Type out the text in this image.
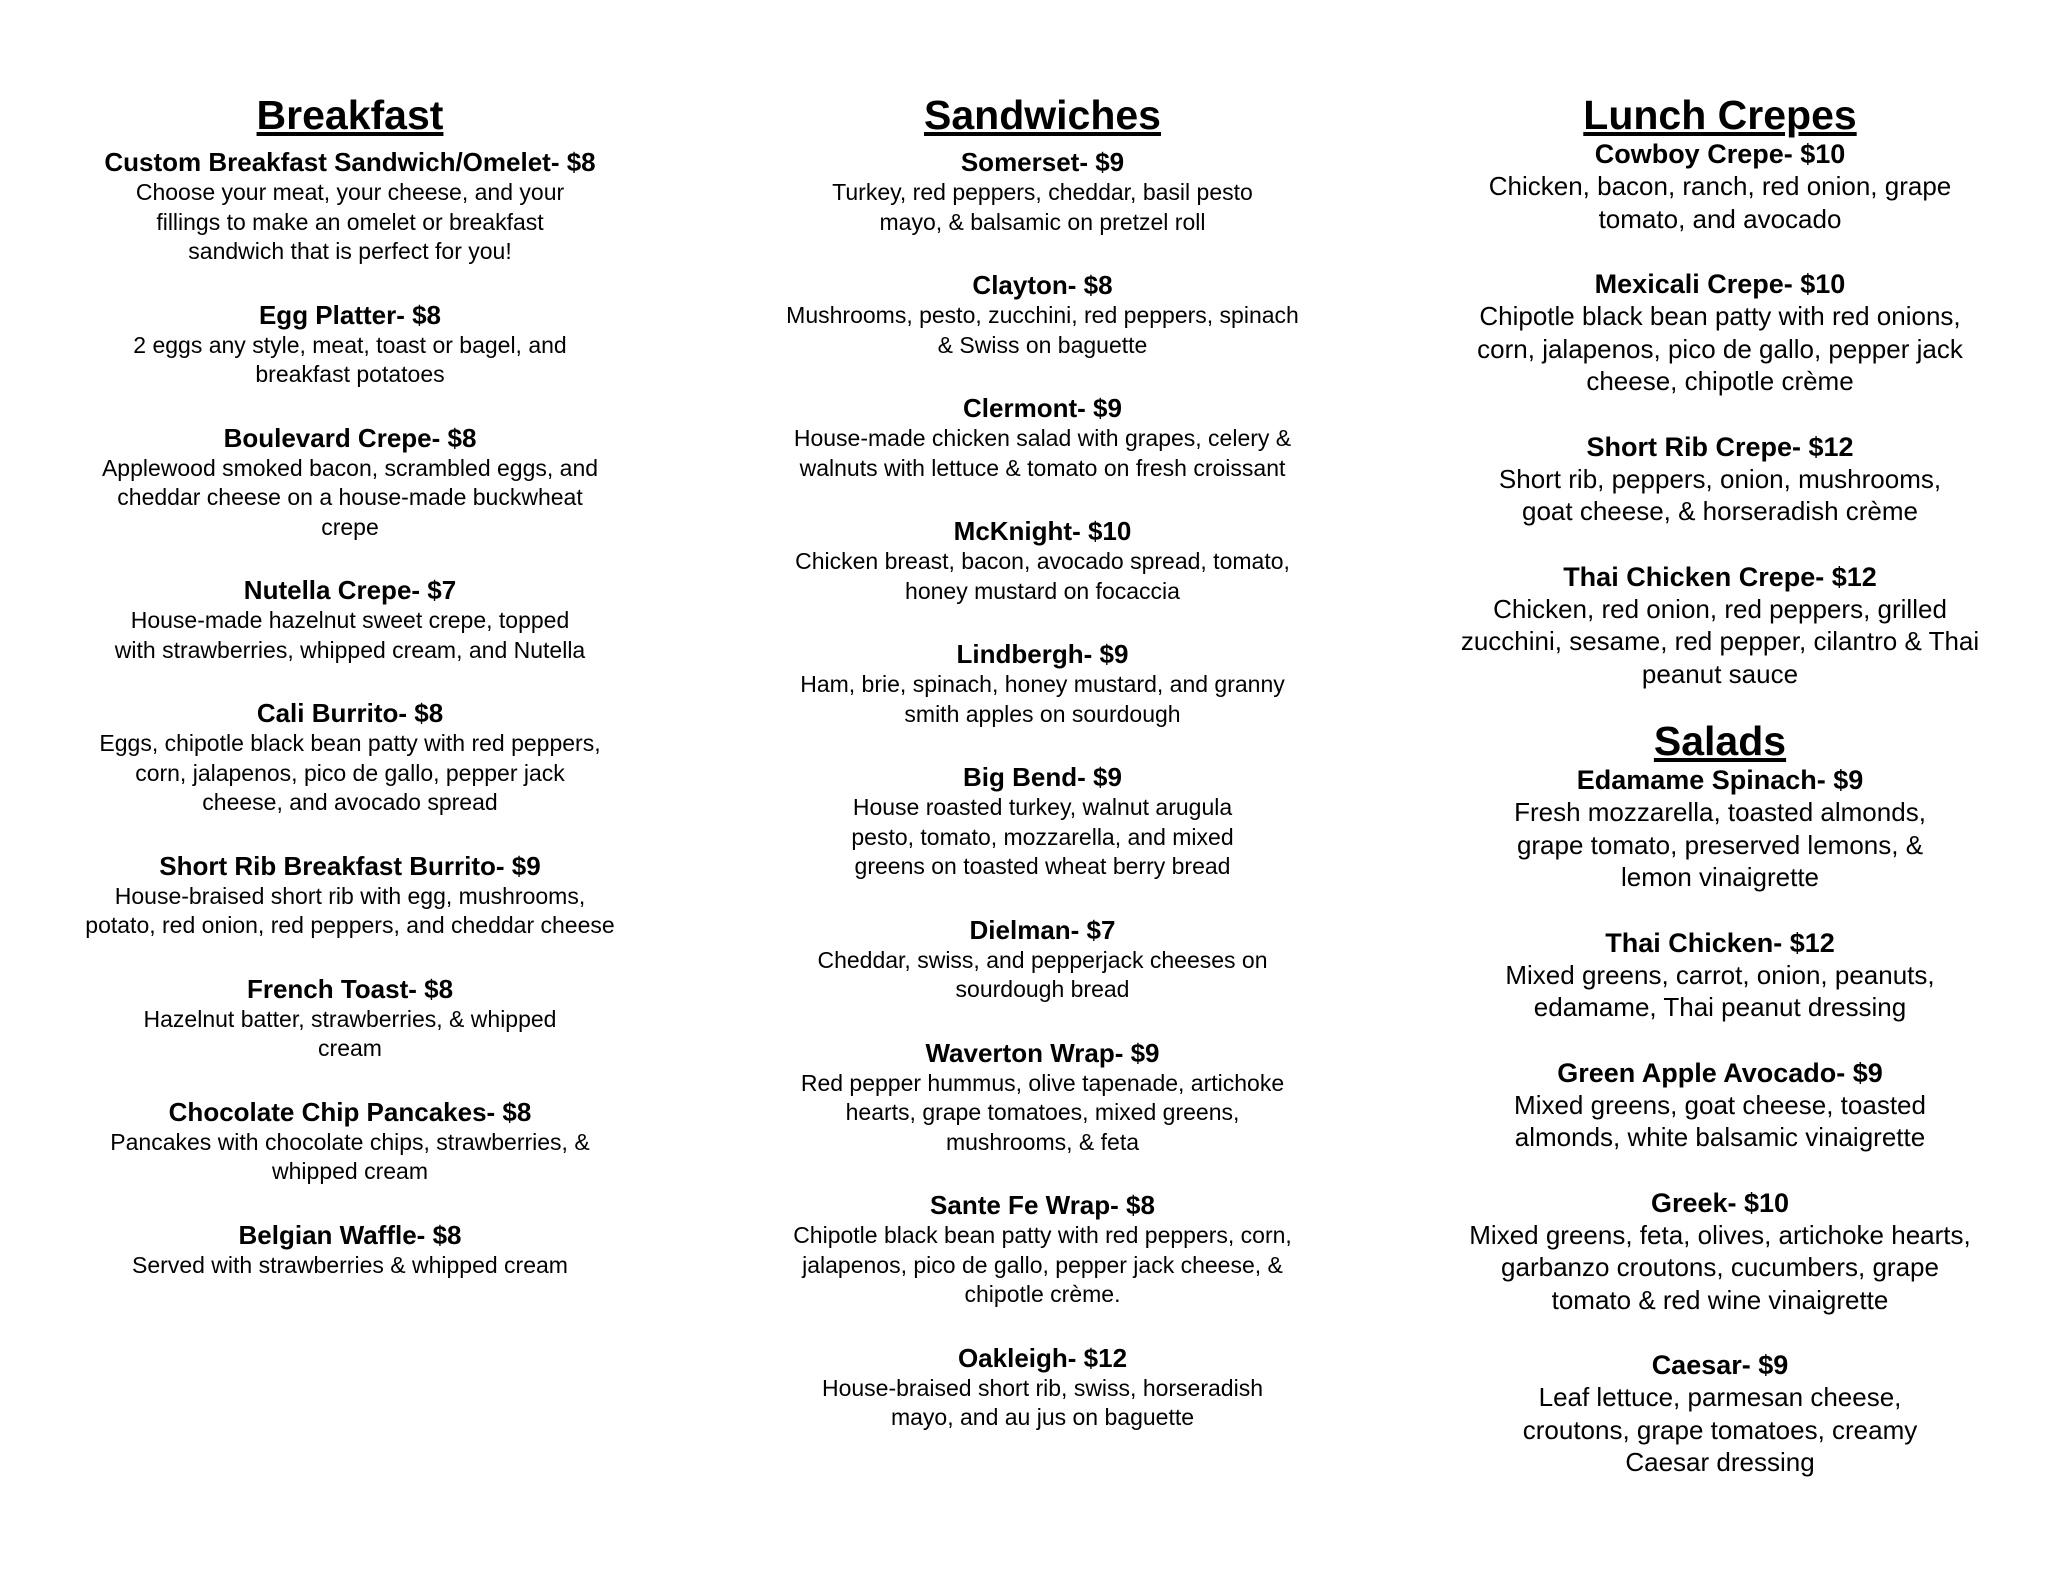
Breakfast
Custom Breakfast Sandwich/Omelet- $8
Choose your meat, your cheese, and your fillings to make an omelet or breakfast sandwich that is perfect for you!
Egg Platter- $8
2 eggs any style, meat, toast or bagel, and breakfast potatoes
Boulevard Crepe- $8
Applewood smoked bacon, scrambled eggs, and cheddar cheese on a house-made buckwheat crepe
Nutella Crepe- $7
House-made hazelnut sweet crepe, topped with strawberries, whipped cream, and Nutella
Cali Burrito- $8
Eggs, chipotle black bean patty with red peppers, corn, jalapenos, pico de gallo, pepper jack cheese, and avocado spread
Short Rib Breakfast Burrito- $9
House-braised short rib with egg, mushrooms, potato, red onion, red peppers, and cheddar cheese
French Toast- $8
Hazelnut batter, strawberries, & whipped cream
Chocolate Chip Pancakes- $8
Pancakes with chocolate chips, strawberries, & whipped cream
Belgian Waffle- $8
Served with strawberries & whipped cream
Sandwiches
Somerset- $9
Turkey, red peppers, cheddar, basil pesto mayo, & balsamic on pretzel roll
Clayton- $8
Mushrooms, pesto, zucchini, red peppers, spinach & Swiss on baguette
Clermont- $9
House-made chicken salad with grapes, celery & walnuts with lettuce & tomato on fresh croissant
McKnight- $10
Chicken breast, bacon, avocado spread, tomato, honey mustard on focaccia
Lindbergh- $9
Ham, brie, spinach, honey mustard, and granny smith apples on sourdough
Big Bend- $9
House roasted turkey, walnut arugula pesto, tomato, mozzarella, and mixed greens on toasted wheat berry bread
Dielman- $7
Cheddar, swiss, and pepperjack cheeses on sourdough bread
Waverton Wrap- $9
Red pepper hummus, olive tapenade, artichoke hearts, grape tomatoes, mixed greens, mushrooms, & feta
Sante Fe Wrap- $8
Chipotle black bean patty with red peppers, corn, jalapenos, pico de gallo, pepper jack cheese, & chipotle crème.
Oakleigh- $12
House-braised short rib, swiss, horseradish mayo, and au jus on baguette
Lunch Crepes
Cowboy Crepe- $10
Chicken, bacon, ranch, red onion, grape tomato, and avocado
Mexicali Crepe- $10
Chipotle black bean patty with red onions, corn, jalapenos, pico de gallo, pepper jack cheese, chipotle crème
Short Rib Crepe- $12
Short rib, peppers, onion, mushrooms, goat cheese, & horseradish crème
Thai Chicken Crepe- $12
Chicken, red onion, red peppers, grilled zucchini, sesame, red pepper, cilantro & Thai peanut sauce
Salads
Edamame Spinach- $9
Fresh mozzarella, toasted almonds, grape tomato, preserved lemons, & lemon vinaigrette
Thai Chicken- $12
Mixed greens, carrot, onion, peanuts, edamame, Thai peanut dressing
Green Apple Avocado- $9
Mixed greens, goat cheese, toasted almonds, white balsamic vinaigrette
Greek- $10
Mixed greens, feta, olives, artichoke hearts, garbanzo croutons, cucumbers, grape tomato & red wine vinaigrette
Caesar- $9
Leaf lettuce, parmesan cheese, croutons, grape tomatoes, creamy Caesar dressing
